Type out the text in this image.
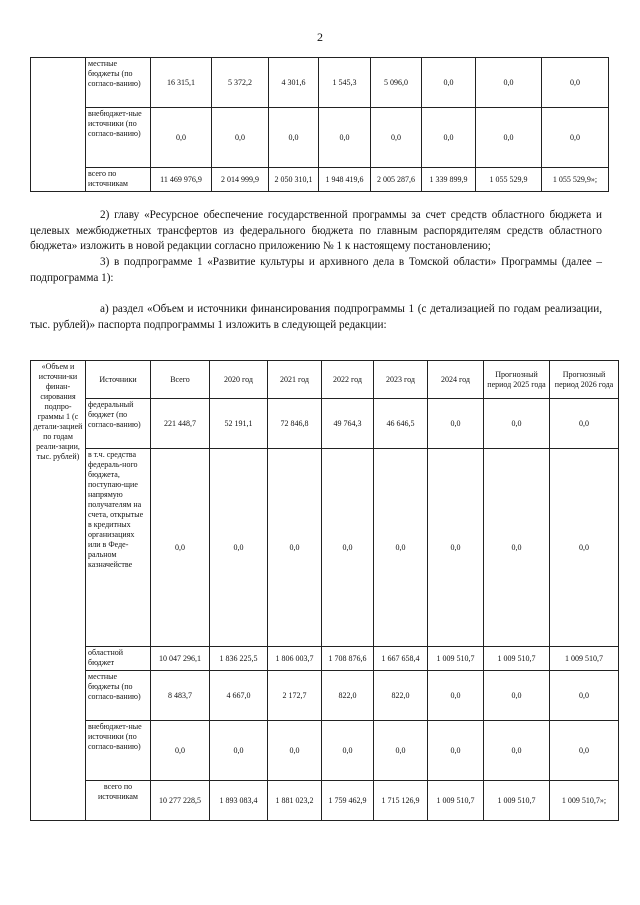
2
	местные бюджеты (по согласо-ванию)	16 315,1	5 372,2	4 301,6	1 545,3	5 096,0	0,0	0,0	0,0
	внебюджет-ные источники (по согласо-ванию)	0,0	0,0	0,0	0,0	0,0	0,0	0,0	0,0
	всего по источникам	11 469 976,9	2 014 999,9	2 050 310,1	1 948 419,6	2 005 287,6	1 339 899,9	1 055 529,9	1 055 529,9»;
2) главу «Ресурсное обеспечение государственной программы за счет средств областного бюджета и целевых межбюджетных трансфертов из федерального бюджета по главным распорядителям средств областного бюджета» изложить в новой редакции согласно приложению № 1 к настоящему постановлению;
3) в подпрограмме 1 «Развитие культуры и архивного дела в Томской области» Программы (далее – подпрограмма 1):
а) раздел «Объем и источники финансирования подпрограммы 1 (с детализацией по годам реализации, тыс. рублей)» паспорта подпрограммы 1 изложить в следующей редакции:
«Объем и источни-ки финан-сирования подпро-граммы 1 (с детали-зацией по годам реали-зации, тыс. рублей)	Источники	Всего	2020 год	2021 год	2022 год	2023 год	2024 год	Прогнозный период 2025 года	Прогнозный период 2026 года
	федеральный бюджет (по согласо-ванию)	221 448,7	52 191,1	72 846,8	49 764,3	46 646,5	0,0	0,0	0,0
	в т.ч. средства федераль-ного бюджета, поступаю-щие напрямую получателям на счета, открытые в кредитных организациях или в Феде-ральном казначействе	0,0	0,0	0,0	0,0	0,0	0,0	0,0	0,0
	областной бюджет	10 047 296,1	1 836 225,5	1 806 003,7	1 708 876,6	1 667 658,4	1 009 510,7	1 009 510,7	1 009 510,7
	местные бюджеты (по согласо-ванию)	8 483,7	4 667,0	2 172,7	822,0	822,0	0,0	0,0	0,0
	внебюджет-ные источники (по согласо-ванию)	0,0	0,0	0,0	0,0	0,0	0,0	0,0	0,0
	всего по источникам	10 277 228,5	1 893 083,4	1 881 023,2	1 759 462,9	1 715 126,9	1 009 510,7	1 009 510,7	1 009 510,7»;
